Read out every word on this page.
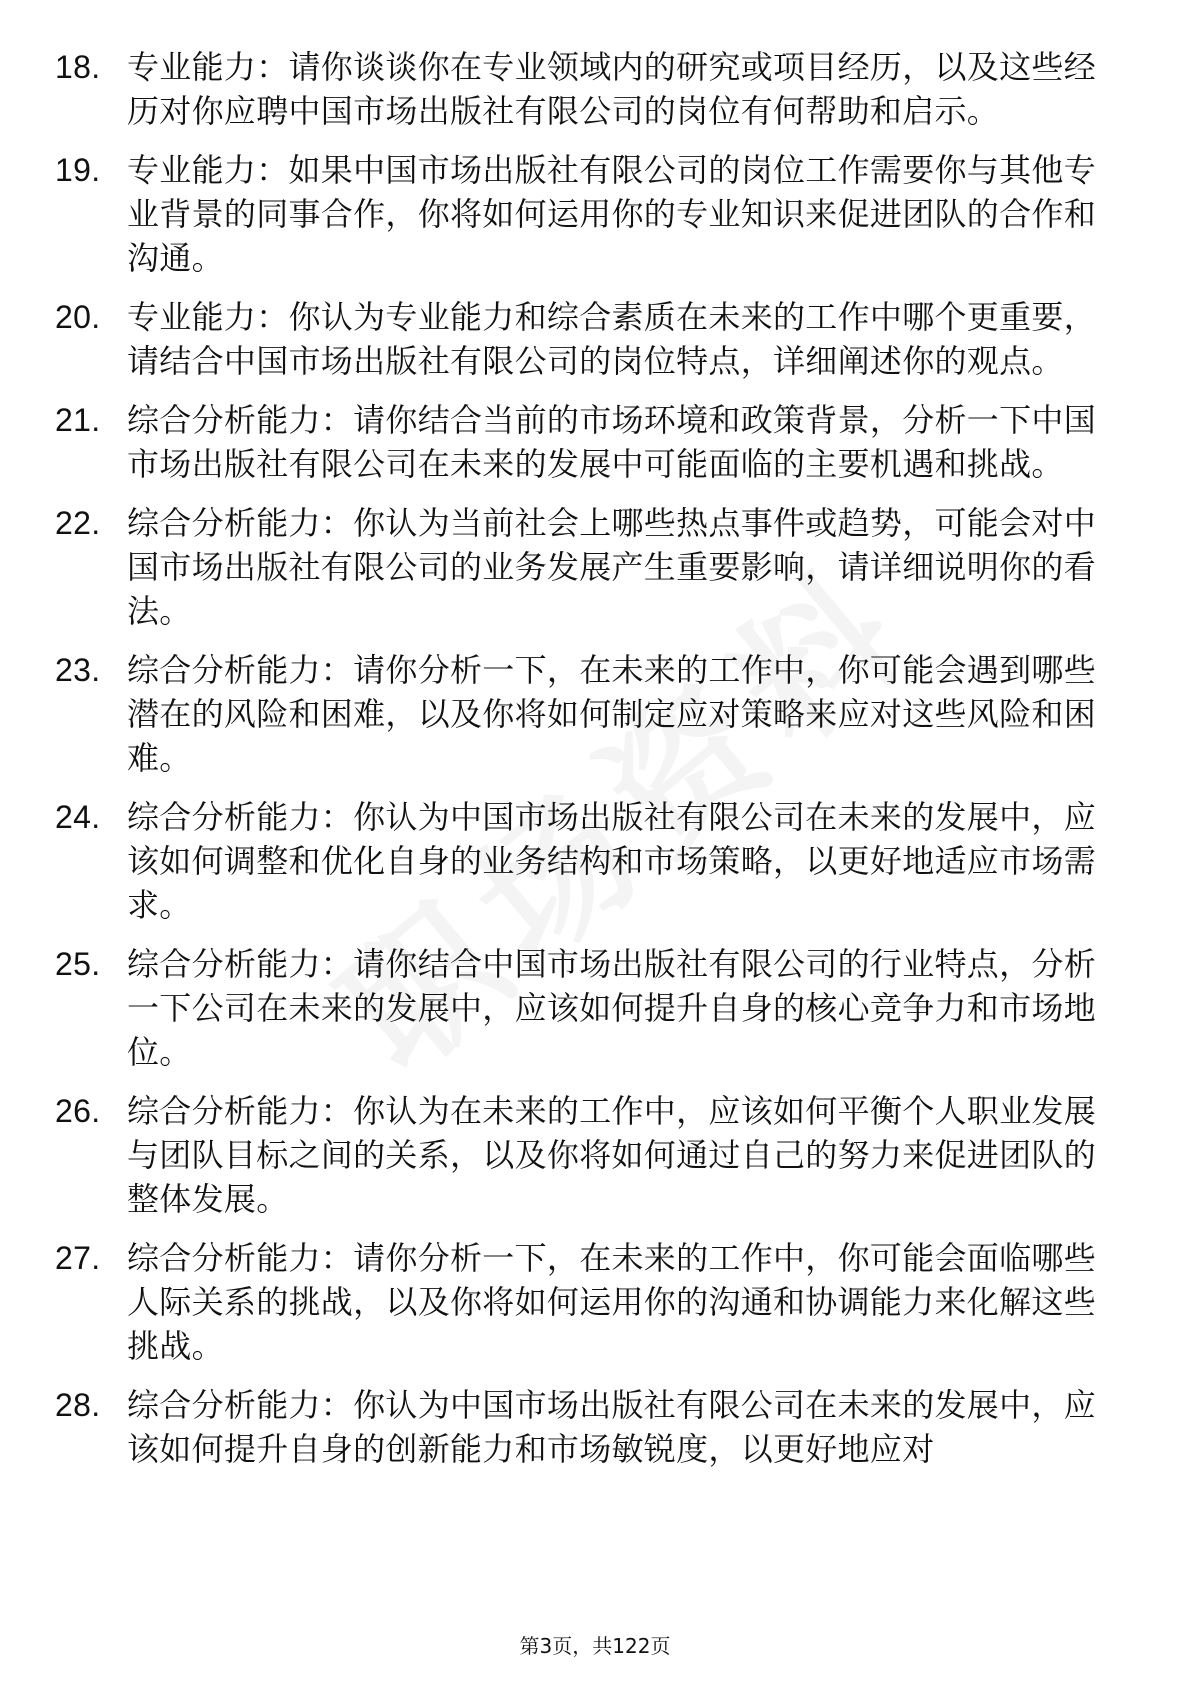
18. 专业能力：请你谈谈你在专业领域内的研究或项目经历，以及这些经历对你应聘中国市场出版社有限公司的岗位有何帮助和启示。
19. 专业能力：如果中国市场出版社有限公司的岗位工作需要你与其他专业背景的同事合作，你将如何运用你的专业知识来促进团队的合作和沟通。
20. 专业能力：你认为专业能力和综合素质在未来的工作中哪个更重要，请结合中国市场出版社有限公司的岗位特点，详细阐述你的观点。
21. 综合分析能力：请你结合当前的市场环境和政策背景，分析一下中国市场出版社有限公司在未来的发展中可能面临的主要机遇和挑战。
22. 综合分析能力：你认为当前社会上哪些热点事件或趋势，可能会对中国市场出版社有限公司的业务发展产生重要影响，请详细说明你的看法。
23. 综合分析能力：请你分析一下，在未来的工作中，你可能会遇到哪些潜在的风险和困难，以及你将如何制定应对策略来应对这些风险和困难。
24. 综合分析能力：你认为中国市场出版社有限公司在未来的发展中，应该如何调整和优化自身的业务结构和市场策略，以更好地适应市场需求。
25. 综合分析能力：请你结合中国市场出版社有限公司的行业特点，分析一下公司在未来的发展中，应该如何提升自身的核心竞争力和市场地位。
26. 综合分析能力：你认为在未来的工作中，应该如何平衡个人职业发展与团队目标之间的关系，以及你将如何通过自己的努力来促进团队的整体发展。
27. 综合分析能力：请你分析一下，在未来的工作中，你可能会面临哪些人际关系的挑战，以及你将如何运用你的沟通和协调能力来化解这些挑战。
28. 综合分析能力：你认为中国市场出版社有限公司在未来的发展中，应该如何提升自身的创新能力和市场敏锐度，以更好地应对
第3页，共122页
